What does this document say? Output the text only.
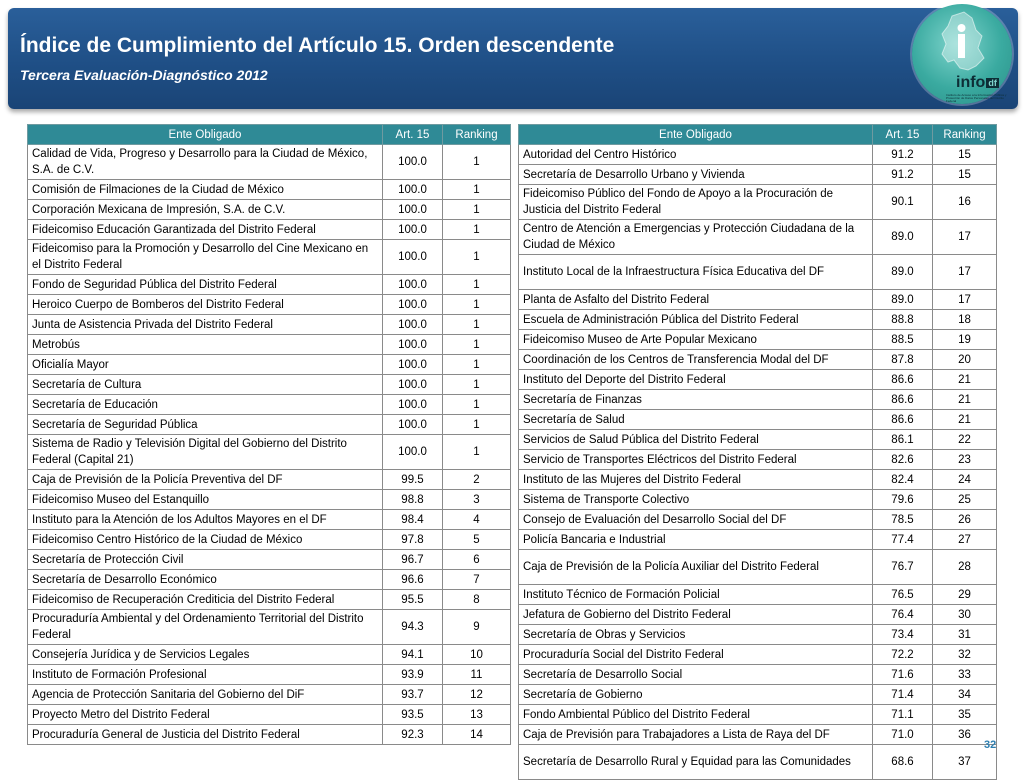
Índice de Cumplimiento del Artículo 15. Orden descendente
Tercera Evaluación-Diagnóstico 2012	info df
Instituto de Acceso a la Información Pública y Protección de Datos Personales del Distrito Federal
Ente Obligado	Art. 15	Ranking
Calidad de Vida, Progreso y Desarrollo para la Ciudad de México, S.A. de C.V.	100.0	1
Comisión de Filmaciones de la Ciudad de México	100.0	1
Corporación Mexicana de Impresión, S.A. de C.V.	100.0	1
Fideicomiso Educación Garantizada del Distrito Federal	100.0	1
Fideicomiso para la Promoción y Desarrollo del Cine Mexicano en el Distrito Federal	100.0	1
Fondo de Seguridad Pública del Distrito Federal	100.0	1
Heroico Cuerpo de Bomberos del Distrito Federal	100.0	1
Junta de Asistencia Privada del Distrito Federal	100.0	1
Metrobús	100.0	1
Oficialía Mayor	100.0	1
Secretaría de Cultura	100.0	1
Secretaría de Educación	100.0	1
Secretaría de Seguridad Pública	100.0	1
Sistema de Radio y Televisión Digital del Gobierno del Distrito Federal (Capital 21)	100.0	1
Caja de Previsión de la Policía Preventiva del DF	99.5	2
Fideicomiso Museo del Estanquillo	98.8	3
Instituto para la Atención de los Adultos Mayores en el DF	98.4	4
Fideicomiso Centro Histórico de la Ciudad de México	97.8	5
Secretaría de Protección Civil	96.7	6
Secretaría de Desarrollo Económico	96.6	7
Fideicomiso de Recuperación Crediticia del Distrito Federal	95.5	8
Procuraduría Ambiental y del Ordenamiento Territorial del Distrito Federal	94.3	9
Consejería Jurídica y de Servicios Legales	94.1	10
Instituto de Formación Profesional	93.9	11
Agencia de Protección Sanitaria del Gobierno del DiF	93.7	12
Proyecto Metro del Distrito Federal	93.5	13
Procuraduría General de Justicia del Distrito Federal	92.3	14
Ente Obligado	Art. 15	Ranking
Autoridad del Centro Histórico	91.2	15
Secretaría de Desarrollo Urbano y Vivienda	91.2	15
Fideicomiso Público del Fondo de Apoyo a la Procuración de Justicia del Distrito Federal	90.1	16
Centro de Atención a Emergencias y Protección Ciudadana de la Ciudad de México	89.0	17
Instituto Local de la Infraestructura Física Educativa del DF	89.0	17
Planta de Asfalto del Distrito Federal	89.0	17
Escuela de Administración Pública del Distrito Federal	88.8	18
Fideicomiso Museo de Arte Popular Mexicano	88.5	19
Coordinación de los Centros de Transferencia Modal del DF	87.8	20
Instituto del Deporte del Distrito Federal	86.6	21
Secretaría de Finanzas	86.6	21
Secretaría de Salud	86.6	21
Servicios de Salud Pública del Distrito Federal	86.1	22
Servicio de Transportes Eléctricos del Distrito Federal	82.6	23
Instituto de las Mujeres del Distrito Federal	82.4	24
Sistema de Transporte Colectivo	79.6	25
Consejo de Evaluación del Desarrollo Social del DF	78.5	26
Policía Bancaria e Industrial	77.4	27
Caja de Previsión de la Policía Auxiliar del Distrito Federal	76.7	28
Instituto Técnico de Formación Policial	76.5	29
Jefatura de Gobierno del Distrito Federal	76.4	30
Secretaría de Obras y Servicios	73.4	31
Procuraduría Social del Distrito Federal	72.2	32
Secretaría de Desarrollo Social	71.6	33
Secretaría de Gobierno	71.4	34
Fondo Ambiental Público del Distrito Federal	71.1	35
Caja de Previsión para Trabajadores a Lista de Raya del DF	71.0	36
Secretaría de Desarrollo Rural y Equidad para las Comunidades	68.6	37
32
